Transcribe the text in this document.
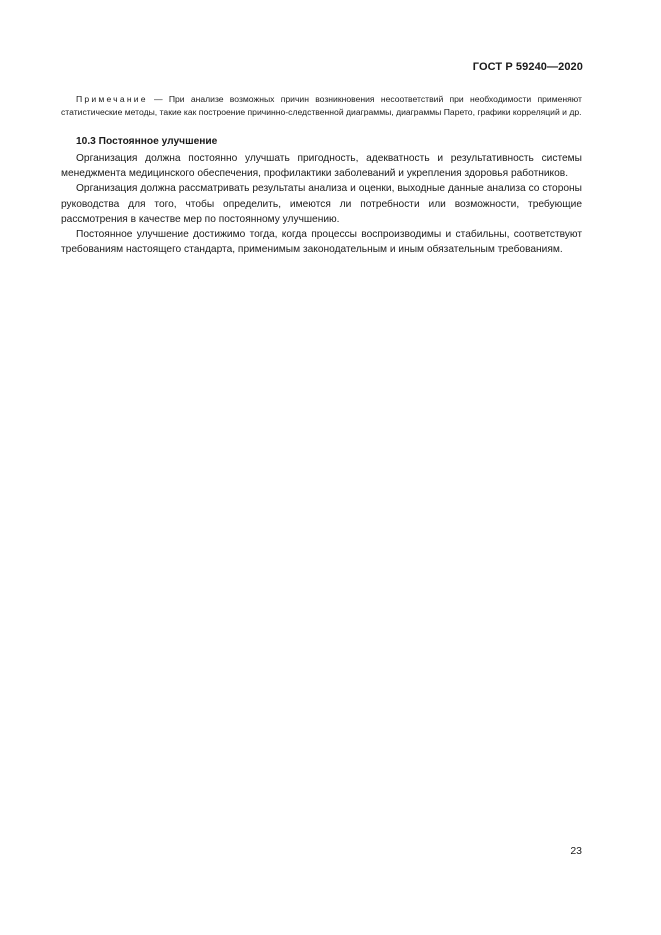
ГОСТ Р 59240—2020

Примечание — При анализе возможных причин возникновения несоответствий при необходимости применяют статистические методы, такие как построение причинно-следственной диаграммы, диаграммы Парето, графики корреляций и др.

10.3 Постоянное улучшение

Организация должна постоянно улучшать пригодность, адекватность и результативность системы менеджмента медицинского обеспечения, профилактики заболеваний и укрепления здоровья работников.

Организация должна рассматривать результаты анализа и оценки, выходные данные анализа со стороны руководства для того, чтобы определить, имеются ли потребности или возможности, требующие рассмотрения в качестве мер по постоянному улучшению.

Постоянное улучшение достижимо тогда, когда процессы воспроизводимы и стабильны, соответствуют требованиям настоящего стандарта, применимым законодательным и иным обязательным требованиям.

23
